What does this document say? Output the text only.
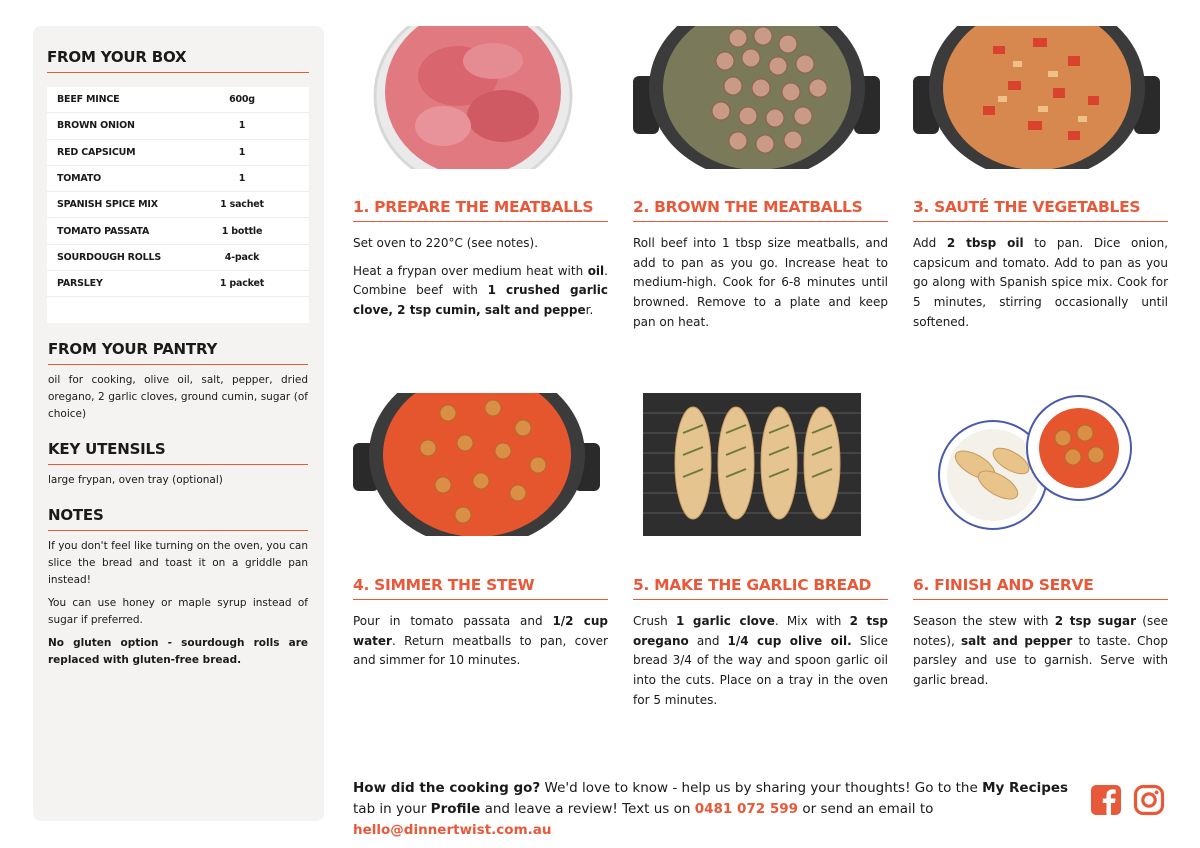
FROM YOUR BOX
BEEF MINCE	600g
BROWN ONION	1
RED CAPSICUM	1
TOMATO	1
SPANISH SPICE MIX	1 sachet
TOMATO PASSATA	1 bottle
SOURDOUGH ROLLS	4-pack
PARSLEY	1 packet
FROM YOUR PANTRY

oil for cooking, olive oil, salt, pepper, dried oregano, 2 garlic cloves, ground cumin, sugar (of choice)

KEY UTENSILS

large frypan, oven tray (optional)

NOTES

If you don't feel like turning on the oven, you can slice the bread and toast it on a griddle pan instead!

You can use honey or maple syrup instead of sugar if preferred.

No gluten option - sourdough rolls are replaced with gluten-free bread.

1. PREPARE THE MEATBALLS

Set oven to 220°C (see notes).

Heat a frypan over medium heat with oil. Combine beef with 1 crushed garlic clove, 2 tsp cumin, salt and pepper.

2. BROWN THE MEATBALLS

Roll beef into 1 tbsp size meatballs, and add to pan as you go. Increase heat to medium-high. Cook for 6-8 minutes until browned. Remove to a plate and keep pan on heat.

3. SAUTÉ THE VEGETABLES

Add 2 tbsp oil to pan. Dice onion, capsicum and tomato. Add to pan as you go along with Spanish spice mix. Cook for 5 minutes, stirring occasionally until softened.

4. SIMMER THE STEW

Pour in tomato passata and 1/2 cup water. Return meatballs to pan, cover and simmer for 10 minutes.

5. MAKE THE GARLIC BREAD

Crush 1 garlic clove. Mix with 2 tsp oregano and 1/4 cup olive oil. Slice bread 3/4 of the way and spoon garlic oil into the cuts. Place on a tray in the oven for 5 minutes.

6. FINISH AND SERVE

Season the stew with 2 tsp sugar (see notes), salt and pepper to taste. Chop parsley and use to garnish. Serve with garlic bread.

How did the cooking go? We'd love to know - help us by sharing your thoughts! Go to the My Recipes tab in your Profile and leave a review! Text us on 0481 072 599 or send an email to hello@dinnertwist.com.au
